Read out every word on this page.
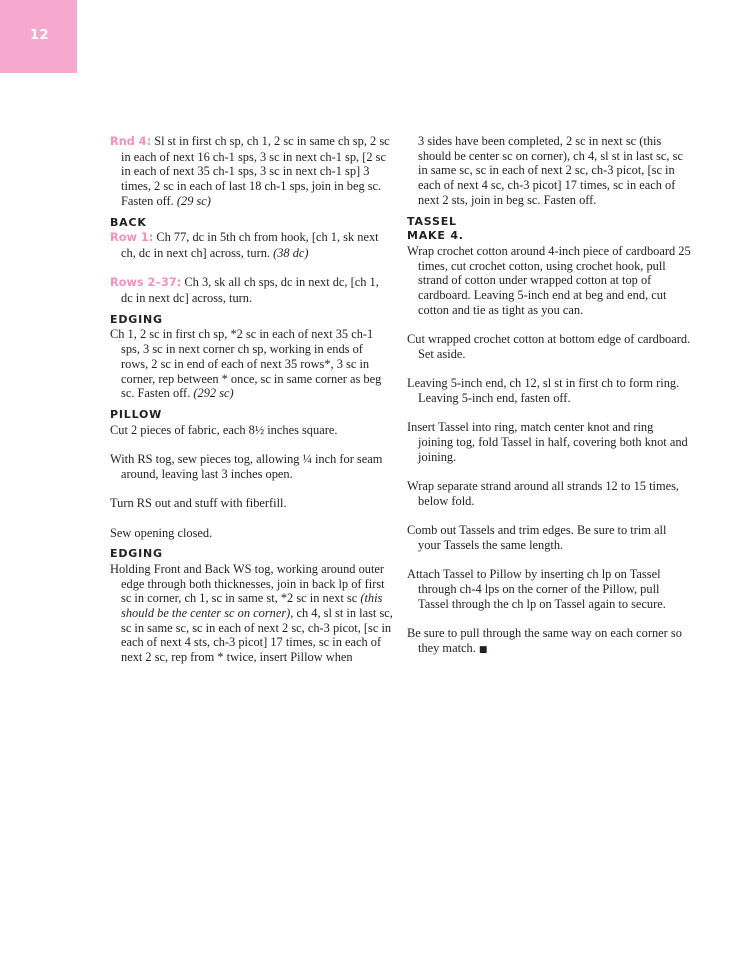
12

Rnd 4: Sl st in first ch sp, ch 1, 2 sc in same ch sp, 2 sc in each of next 16 ch-1 sps, 3 sc in next ch-1 sp, [2 sc in each of next 35 ch-1 sps, 3 sc in next ch-1 sp] 3 times, 2 sc in each of last 18 ch-1 sps, join in beg sc. Fasten off. (29 sc)

BACK

Row 1: Ch 77, dc in 5th ch from hook, [ch 1, sk next ch, dc in next ch] across, turn. (38 dc)

Rows 2–37: Ch 3, sk all ch sps, dc in next dc, [ch 1, dc in next dc] across, turn.

EDGING

Ch 1, 2 sc in first ch sp, *2 sc in each of next 35 ch-1 sps, 3 sc in next corner ch sp, working in ends of rows, 2 sc in end of each of next 35 rows*, 3 sc in corner, rep between * once, sc in same corner as beg sc. Fasten off. (292 sc)

PILLOW

Cut 2 pieces of fabric, each 8½ inches square.

With RS tog, sew pieces tog, allowing ¼ inch for seam around, leaving last 3 inches open.

Turn RS out and stuff with fiberfill.

Sew opening closed.

EDGING

Holding Front and Back WS tog, working around outer edge through both thicknesses, join in back lp of first sc in corner, ch 1, sc in same st, *2 sc in next sc (this should be the center sc on corner), ch 4, sl st in last sc, sc in same sc, sc in each of next 2 sc, ch-3 picot, [sc in each of next 4 sts, ch-3 picot] 17 times, sc in each of next 2 sc, rep from * twice, insert Pillow when

3 sides have been completed, 2 sc in next sc (this should be center sc on corner), ch 4, sl st in last sc, sc in same sc, sc in each of next 2 sc, ch-3 picot, [sc in each of next 4 sc, ch-3 picot] 17 times, sc in each of next 2 sts, join in beg sc. Fasten off.

TASSEL
MAKE 4.

Wrap crochet cotton around 4-inch piece of cardboard 25 times, cut crochet cotton, using crochet hook, pull strand of cotton under wrapped cotton at top of cardboard. Leaving 5-inch end at beg and end, cut cotton and tie as tight as you can.

Cut wrapped crochet cotton at bottom edge of cardboard. Set aside.

Leaving 5-inch end, ch 12, sl st in first ch to form ring. Leaving 5-inch end, fasten off.

Insert Tassel into ring, match center knot and ring joining tog, fold Tassel in half, covering both knot and joining.

Wrap separate strand around all strands 12 to 15 times, below fold.

Comb out Tassels and trim edges. Be sure to trim all your Tassels the same length.

Attach Tassel to Pillow by inserting ch lp on Tassel through ch-4 lps on the corner of the Pillow, pull Tassel through the ch lp on Tassel again to secure.

Be sure to pull through the same way on each corner so they match. ■
